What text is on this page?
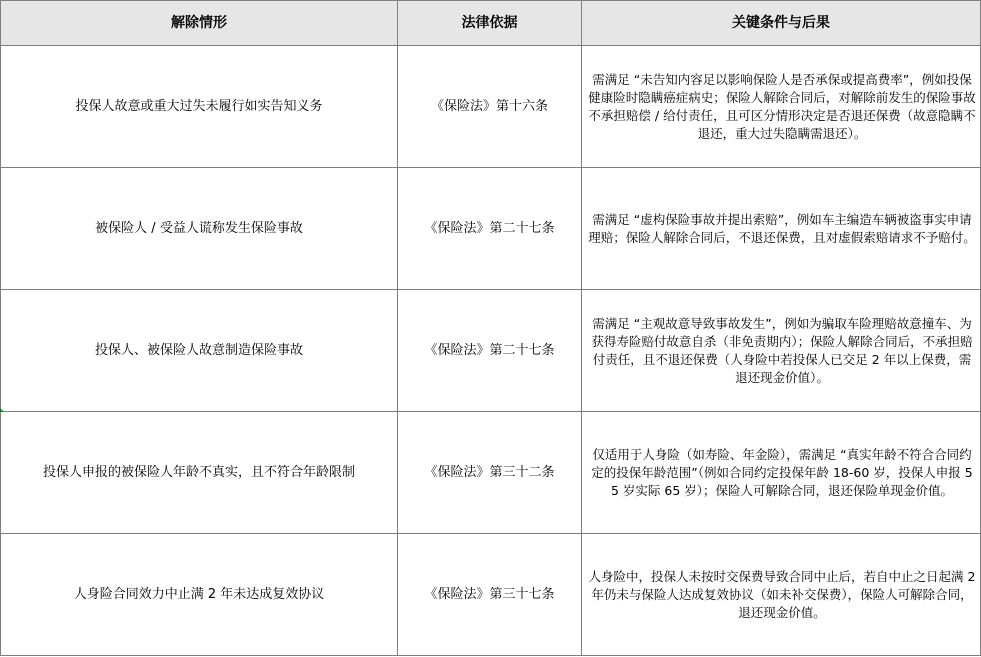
解除情形	法律依据	关键条件与后果
投保人故意或重大过失未履行如实告知义务	《保险法》第十六条	需满足 “未告知内容足以影响保险人是否承保或提高费率”，例如投保健康险时隐瞒癌症病史；保险人解除合同后，对解除前发生的保险事故不承担赔偿 / 给付责任，且可区分情形决定是否退还保费（故意隐瞒不退还，重大过失隐瞒需退还）。
被保险人 / 受益人谎称发生保险事故	《保险法》第二十七条	需满足 “虚构保险事故并提出索赔”，例如车主编造车辆被盗事实申请理赔；保险人解除合同后，不退还保费，且对虚假索赔请求不予赔付。
投保人、被保险人故意制造保险事故	《保险法》第二十七条	需满足 “主观故意导致事故发生”，例如为骗取车险理赔故意撞车、为获得寿险赔付故意自杀（非免责期内）；保险人解除合同后，不承担赔付责任，且不退还保费（人身险中若投保人已交足 2 年以上保费，需退还现金价值）。
投保人申报的被保险人年龄不真实，且不符合年龄限制	《保险法》第三十二条	仅适用于人身险（如寿险、年金险），需满足 “真实年龄不符合合同约定的投保年龄范围”（例如合同约定投保年龄 18-60 岁，投保人申报 55 岁实际 65 岁）；保险人可解除合同，退还保险单现金价值。
人身险合同效力中止满 2 年未达成复效协议	《保险法》第三十七条	人身险中，投保人未按时交保费导致合同中止后，若自中止之日起满 2 年仍未与保险人达成复效协议（如未补交保费），保险人可解除合同，退还现金价值。
